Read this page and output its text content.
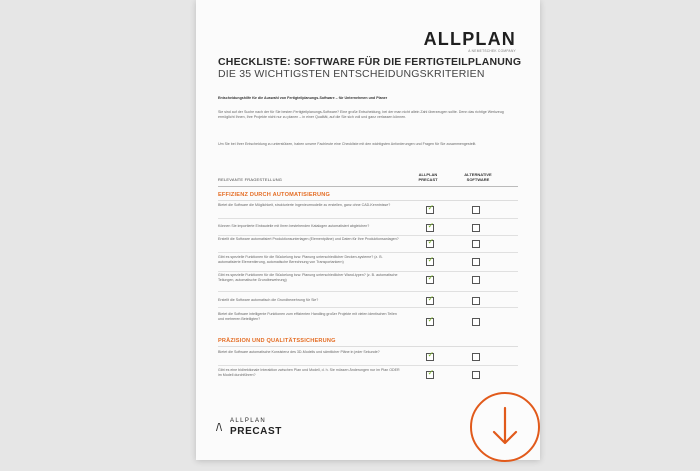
ALLPLAN
A NEMETSCHEK COMPANY
CHECKLISTE: SOFTWARE FÜR DIE FERTIGTEILPLANUNG
DIE 35 WICHTIGSTEN ENTSCHEIDUNGSKRITERIEN
Entscheidungshilfe für die Auswahl von Fertigteilplanungs-Software – für Unternehmen und Planer
Sie sind auf der Suche nach der für Sie besten Fertigteilplanungs-Software? Eine große Entscheidung, bei der man nicht allein Zahl überzeugen sollte. Denn das richtige Werkzeug ermöglicht Ihnen, Ihre Projekte nicht nur zu planen – in einer Qualität, auf die Sie sich voll und ganz verlassen können.
Um Sie bei Ihrer Entscheidung zu unterstützen, haben unsere Fachleute eine Checkliste mit den wichtigsten Anforderungen und Fragen für Sie zusammengestellt.
RELEVANTE FRAGESTELLUNG
ALLPLAN PRECAST
ALTERNATIVE SOFTWARE
EFFIZIENZ DURCH AUTOMATISIERUNG
Bietet die Software die Möglichkeit, strukturierte Ingenieurmodelle zu erstellen, ganz ohne CAD-Kenntnisse?	✓
Können Sie importierte Einbauteile mit Ihren bestehenden Katalogen automatisiert abgleichen?	✓
Erstellt die Software automatisiert Produktionsunterlagen (Elementpläne) und Daten für Ihre Produktionsanlagen?	✓
Gibt es spezielle Funktionen für die Stückelung bzw. Planung unterschiedlicher Decken-systeme? (z. B. automatisierte Elementierung, automatische Berechnung von Transportankern)	✓
Gibt es spezielle Funktionen für die Stückelung bzw. Planung unterschiedlicher Wand-typen? (z. B. automatische Teilungen, automatische Grundbewehrung)	✓
Erstellt die Software automatisch die Grundbewehrung für Sie?	✓
Bietet die Software intelligente Funktionen zum effizienten Handling großer Projekte mit vielen identischen Teilen und mehreren Beteiligten?	✓
PRÄZISION UND QUALITÄTSSICHERUNG
Bietet die Software automatische Konsistenz des 3D-Modells und sämtlicher Pläne in jeder Sekunde?	✓
Gibt es eine bidirektionale Interaktion zwischen Plan und Modell, d. h. Sie müssen Änderungen nur im Plan ODER im Modell durchführen?	✓
/\
ALLPLAN
PRECAST
